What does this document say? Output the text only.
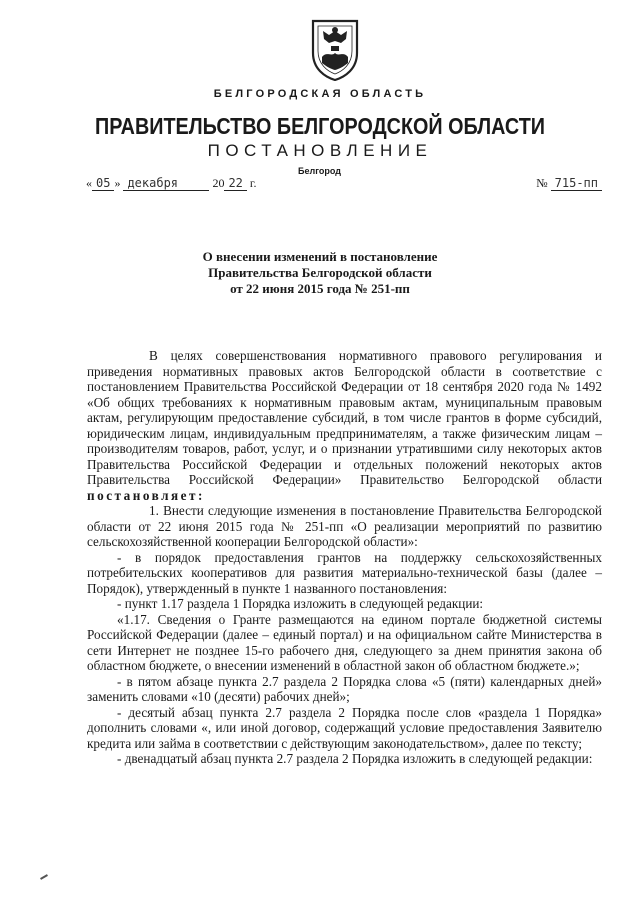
БЕЛГОРОДСКАЯ ОБЛАСТЬ
ПРАВИТЕЛЬСТВО БЕЛГОРОДСКОЙ ОБЛАСТИ
ПОСТАНОВЛЕНИЕ
Белгород
« 05 » декабря	20 22 г.	№ 715-пп
О внесении изменений в постановление
Правительства Белгородской области
от 22 июня 2015 года № 251-пп

В целях совершенствования нормативного правового регулирования и приведения нормативных правовых актов Белгородской области в соответствие с постановлением Правительства Российской Федерации от 18 сентября 2020 года № 1492 «Об общих требованиях к нормативным правовым актам, муниципальным правовым актам, регулирующим предоставление субсидий, в том числе грантов в форме субсидий, юридическим лицам, индивидуальным предпринимателям, а также физическим лицам – производителям товаров, работ, услуг, и о признании утратившими силу некоторых актов Правительства Российской Федерации и отдельных положений некоторых актов Правительства Российской Федерации» Правительство Белгородской области постановляет:

1. Внести следующие изменения в постановление Правительства Белгородской области от 22 июня 2015 года № 251-пп «О реализации мероприятий по развитию сельскохозяйственной кооперации Белгородской области»:

- в порядок предоставления грантов на поддержку сельскохозяйственных потребительских кооперативов для развития материально-технической базы (далее – Порядок), утвержденный в пункте 1 названного постановления:

- пункт 1.17 раздела 1 Порядка изложить в следующей редакции:

«1.17. Сведения о Гранте размещаются на едином портале бюджетной системы Российской Федерации (далее – единый портал) и на официальном сайте Министерства в сети Интернет не позднее 15-го рабочего дня, следующего за днем принятия закона об областном бюджете, о внесении изменений в областной закон об областном бюджете.»;

- в пятом абзаце пункта 2.7 раздела 2 Порядка слова «5 (пяти) календарных дней» заменить словами «10 (десяти) рабочих дней»;

- десятый абзац пункта 2.7 раздела 2 Порядка после слов «раздела 1 Порядка» дополнить словами «, или иной договор, содержащий условие предоставления Заявителю кредита или займа в соответствии с действующим законодательством», далее по тексту;

- двенадцатый абзац пункта 2.7 раздела 2 Порядка изложить в следующей редакции:
